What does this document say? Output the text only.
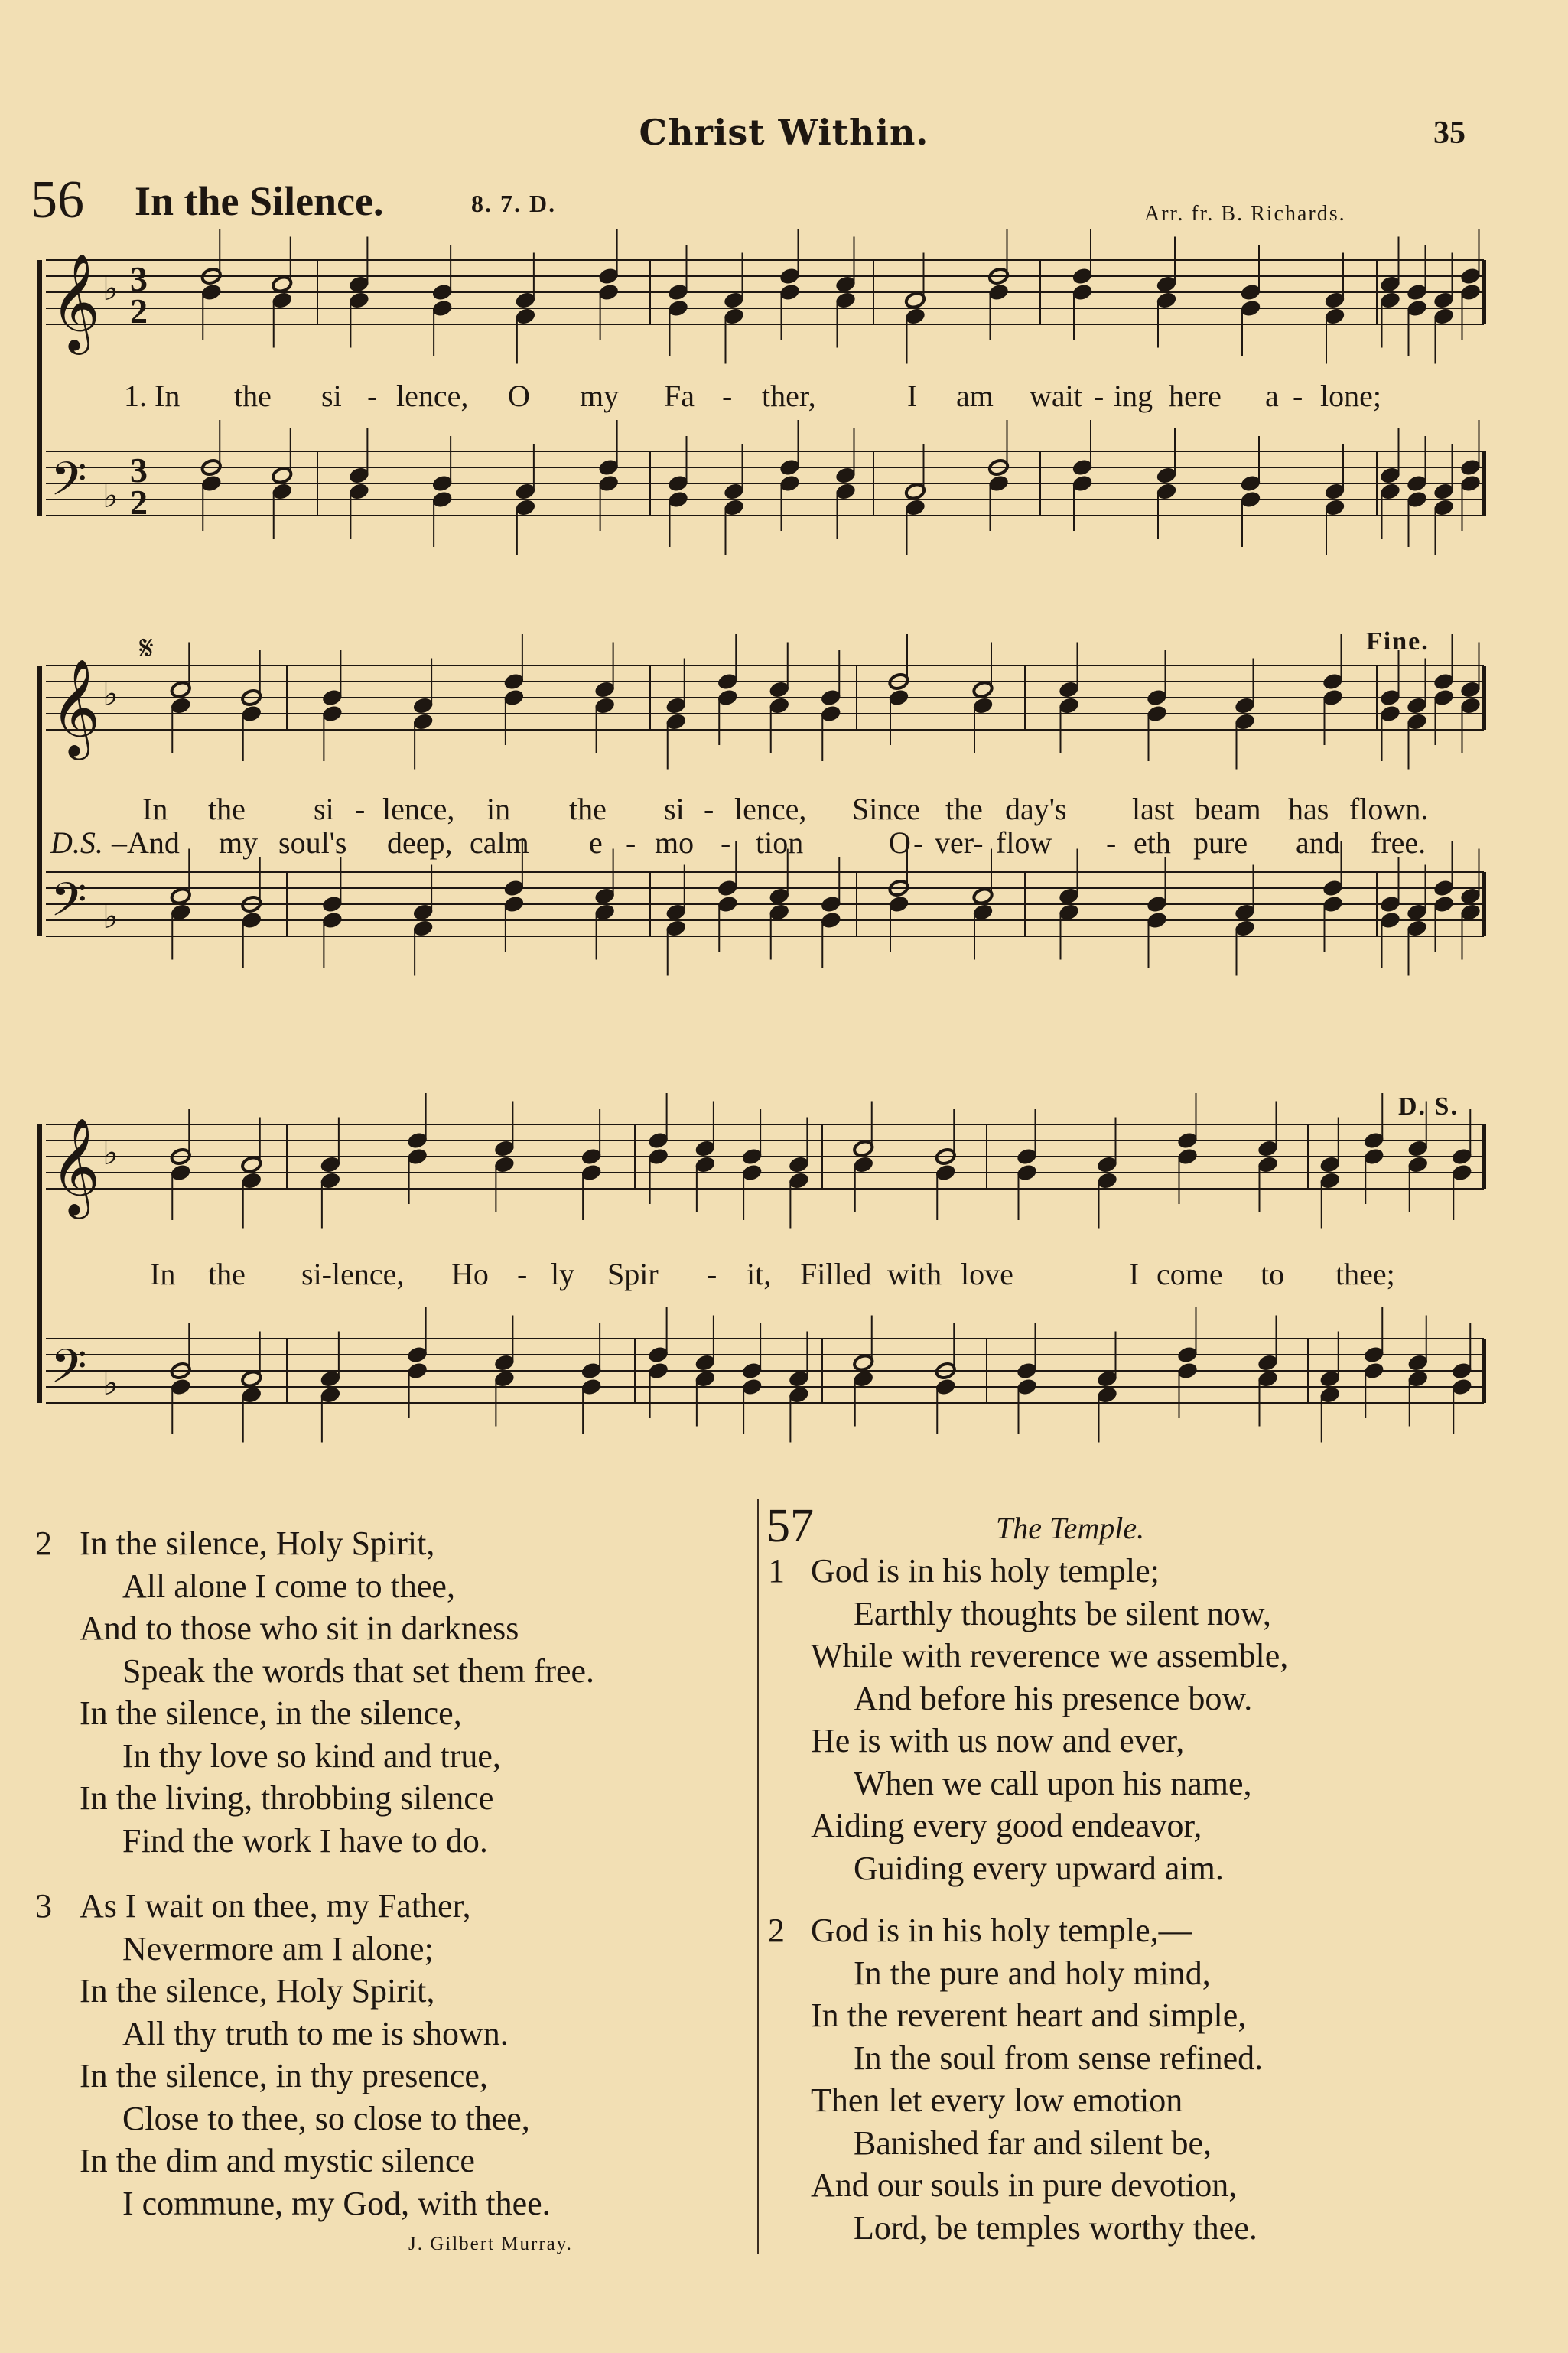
Christ Within.	35
56 In the Silence.	8. 7. D.	Arr. fr. B. Richards.
𝄞 ♭ 3
2
𝄢 ♭
3
2
𝄞 ♭
𝄢 ♭
𝄞 ♭
𝄢 ♭
𝄋	Fine.
D. S.
1. In the si - lence, O my Fa - ther,	I am wait - ing here a - lone;
In the si - lence, in the si - lence, Since the day's last beam has flown.
D.S. –And my soul's deep, calm e - mo - tion	O - ver- flow - eth pure and free.
In the si-lence, Ho - ly Spir - it, Filled with love	I come to thee;
2 In the silence, Holy Spirit,
All alone I come to thee,
And to those who sit in darkness
Speak the words that set them free.
In the silence, in the silence,
In thy love so kind and true,
In the living, throbbing silence
Find the work I have to do.
3 As I wait on thee, my Father,
Nevermore am I alone;
In the silence, Holy Spirit,
All thy truth to me is shown.
In the silence, in thy presence,
Close to thee, so close to thee,
In the dim and mystic silence
I commune, my God, with thee.
J. Gilbert Murray.
57	The Temple.
1 God is in his holy temple;
Earthly thoughts be silent now,
While with reverence we assemble,
And before his presence bow.
He is with us now and ever,
When we call upon his name,
Aiding every good endeavor,
Guiding every upward aim.
2 God is in his holy temple,—
In the pure and holy mind,
In the reverent heart and simple,
In the soul from sense refined.
Then let every low emotion
Banished far and silent be,
And our souls in pure devotion,
Lord, be temples worthy thee.
